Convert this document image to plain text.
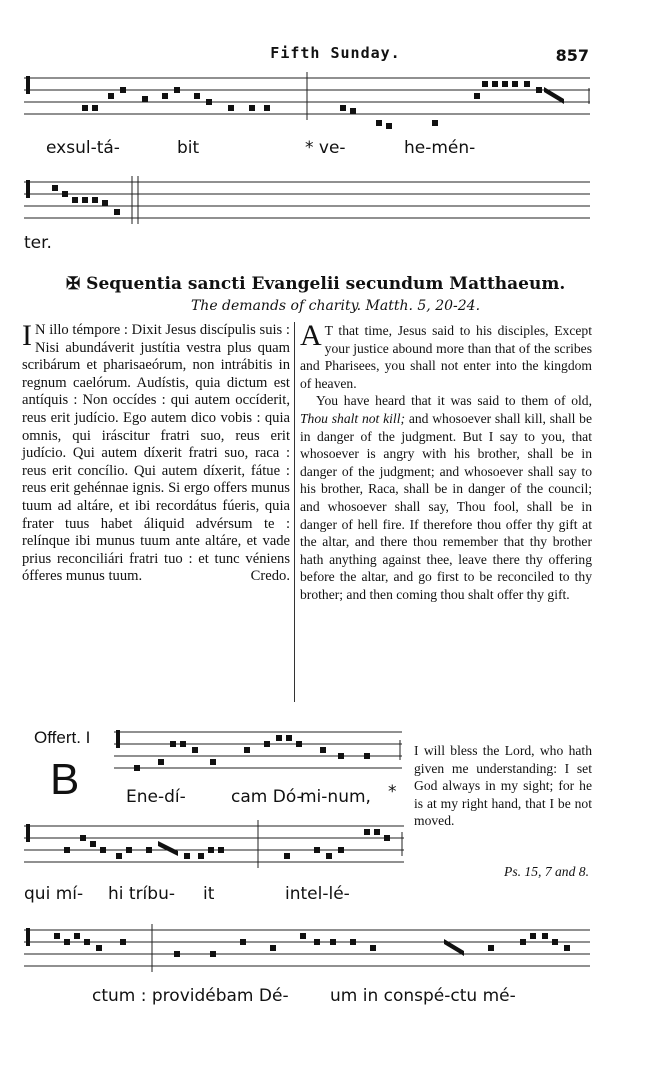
Fifth Sunday.	857
exsul-tá-	bit	* ve-	he-mén-
ter.
✠ Sequentia sancti Evangelii secundum Matthaeum.
The demands of charity. Matth. 5, 20-24.

I N illo témpore : Dixit Jesus discípulis suis : Nisi abundáverit justítia vestra plus quam scribárum et pharisaeórum, non intrábitis in regnum caelórum. Audístis, quia dictum est antíquis : Non occídes : qui autem occíderit, reus erit judício. Ego autem dico vobis : quia omnis, qui iráscitur fratri suo, reus erit judício. Qui autem díxerit fratri suo, raca : reus erit concílio. Qui autem díxerit, fátue : reus erit gehénnae ignis. Si ergo offers munus tuum ad altáre, et ibi recordátus fúeris, quia frater tuus habet áliquid advérsum te : relínque ibi munus tuum ante altáre, et vade prius reconciliári fratri tuo : et tunc véniens ófferes munus tuum.	Credo.

A T that time, Jesus said to his disciples, Except your justice abound more than that of the scribes and Pharisees, you shall not enter into the kingdom of heaven.

You have heard that it was said to them of old, Thou shalt not kill; and whosoever shall kill, shall be in danger of the judgment. But I say to you, that whosoever is angry with his brother, shall be in danger of the judgment; and whosoever shall say to his brother, Raca, shall be in danger of the council; and whosoever shall say, Thou fool, shall be in danger of hell fire. If therefore thou offer thy gift at the altar, and there thou remember that thy brother hath anything against thee, leave there thy offering before the altar, and go first to be reconciled to thy brother; and then coming thou shalt offer thy gift.

Offert. I
B	Ene-dí-	cam Dó-
mi-num, *
I will bless the Lord, who hath given me understanding: I set God always in my sight; for he is at my right hand, that I be not moved.
Ps. 15, 7 and 8.
qui mí- hi tríbu- it	intel-lé-
ctum : providébam Dé- um in conspé-ctu mé-
